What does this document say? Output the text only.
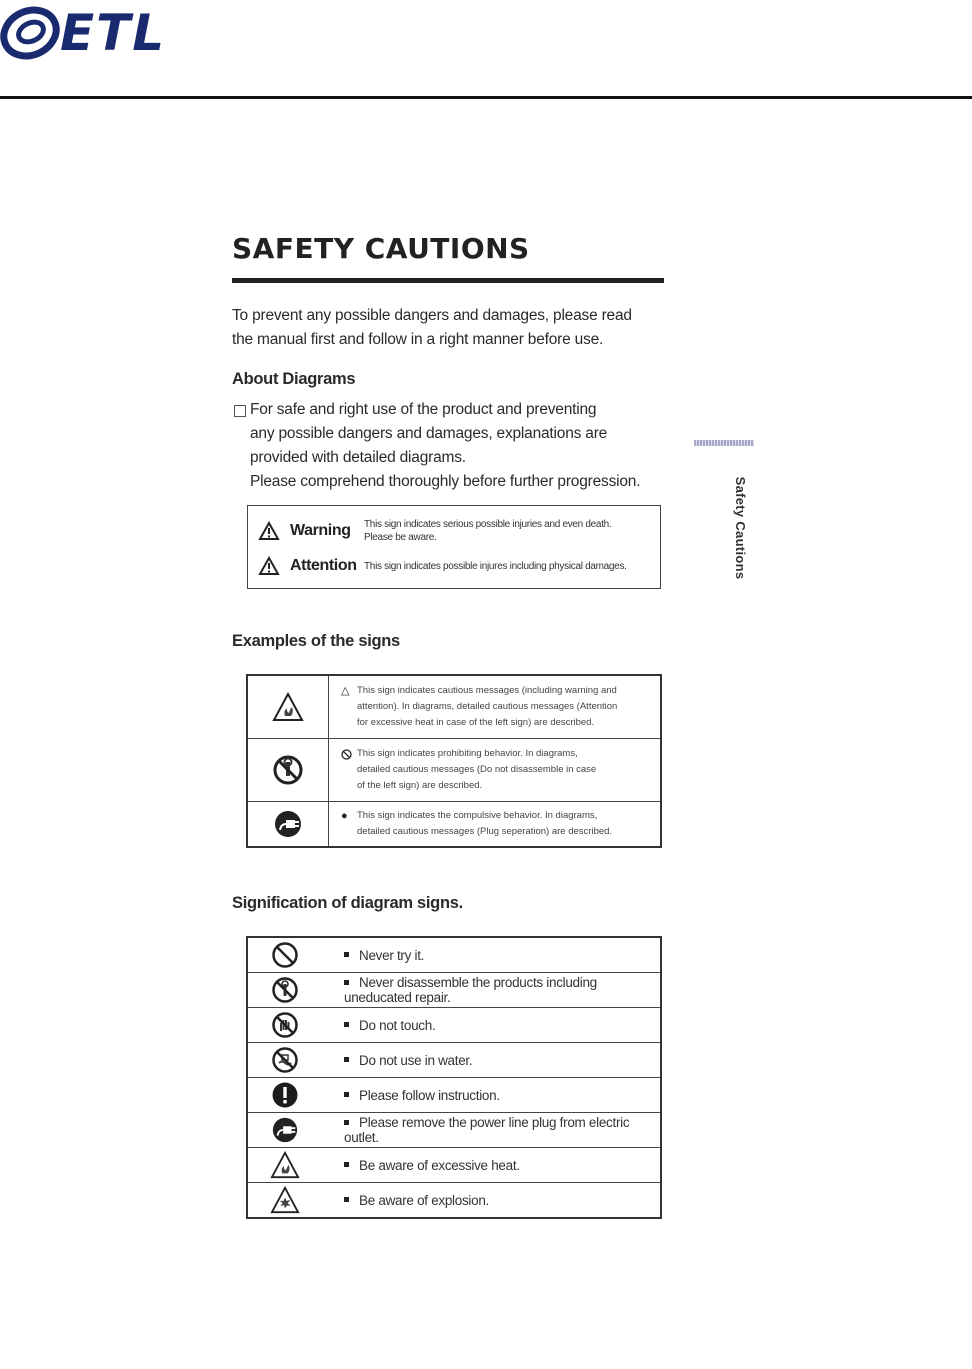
ETL
SAFETY CAUTIONS

To prevent any possible dangers and damages, please read

the manual first and follow in a right manner before use.

About Diagrams

For safe and right use of the product and preventing

any possible dangers and damages, explanations are

provided with detailed diagrams.

Please comprehend thoroughly before further progression.

Warning	This sign indicates serious possible injuries and even death.

Please be aware.

Attention This sign indicates possible injures including physical damages.	Safety Cautions
Examples of the signs

△ This sign indicates cautious messages (including warning and
attention). In diagrams, detailed cautious messages (Attention
for excessive heat in case of the left sign) are described.

This sign indicates prohibiting behavior. In diagrams,
detailed cautious messages (Do not disassemble in case
of the left sign) are described.

● This sign indicates the compulsive behavior. In diagrams,
detailed cautious messages (Plug seperation) are described.
Signification of diagram signs.
	Never try it.
	Never disassemble the products including uneducated repair.
	Do not touch.
	Do not use in water.
	Please follow instruction.
	Please remove the power line plug from electric outlet.
	Be aware of excessive heat.
	Be aware of explosion.
